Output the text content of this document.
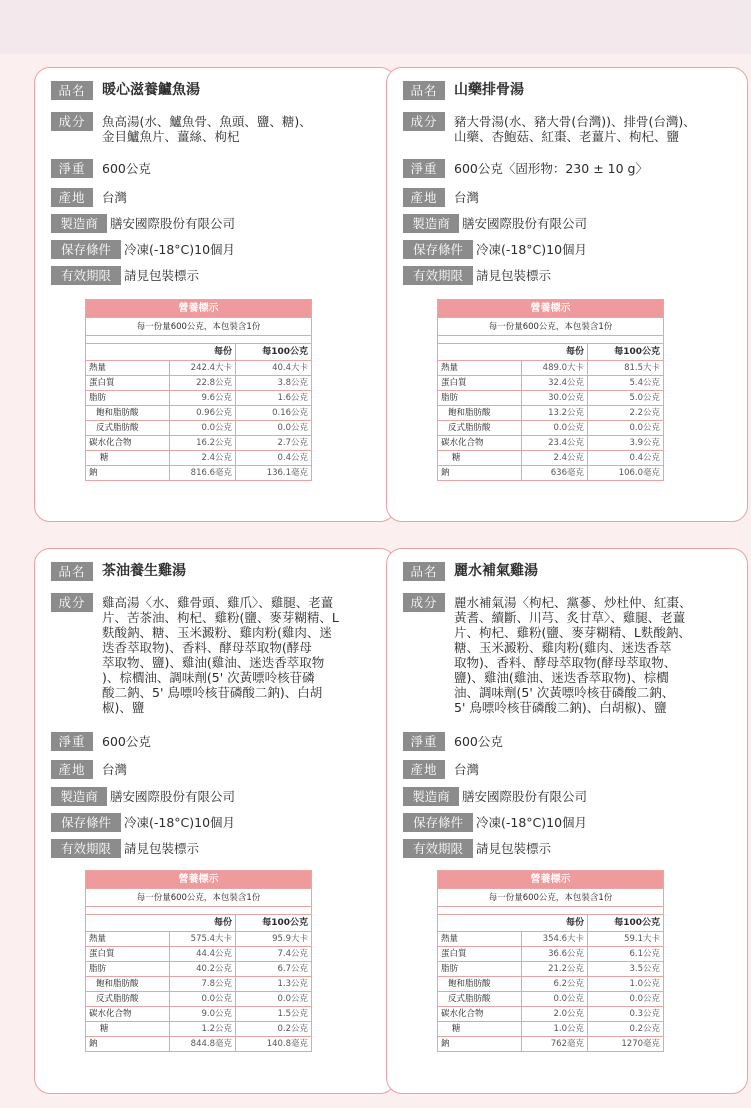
品名	暖心滋養鱸魚湯
成分	魚高湯(水、鱸魚骨、魚頭、鹽、糖)、
金目鱸魚片、薑絲、枸杞
淨重	600公克
產地	台灣
製造商 膳安國際股份有限公司
保存條件	冷凍(-18°C)10個月
有效期限	請見包裝標示
營養標示		
每一份量600公克，本包裝含1份		

	每份	每100公克
熱量	242.4大卡	40.4大卡
蛋白質	22.8公克	3.8公克
脂肪	9.6公克	1.6公克
飽和脂肪酸	0.96公克	0.16公克
反式脂肪酸	0.0公克	0.0公克
碳水化合物	16.2公克	2.7公克
糖	2.4公克	0.4公克
鈉	816.6毫克	136.1毫克
品名	山藥排骨湯
成分	豬大骨湯(水、豬大骨(台灣))、排骨(台灣)、
山藥、杏鮑菇、紅棗、老薑片、枸杞、鹽
淨重	600公克〈固形物：230 ± 10 g〉
產地	台灣
製造商 膳安國際股份有限公司
保存條件	冷凍(-18°C)10個月
有效期限	請見包裝標示
營養標示		
每一份量600公克，本包裝含1份		

	每份	每100公克
熱量	489.0大卡	81.5大卡
蛋白質	32.4公克	5.4公克
脂肪	30.0公克	5.0公克
飽和脂肪酸	13.2公克	2.2公克
反式脂肪酸	0.0公克	0.0公克
碳水化合物	23.4公克	3.9公克
糖	2.4公克	0.4公克
鈉	636毫克	106.0毫克
品名	茶油養生雞湯
成分	雞高湯〈水、雞骨頭、雞爪〉、雞腿、老薑
片、苦茶油、枸杞、雞粉(鹽、麥芽糊精、L
麩酸鈉、糖、玉米澱粉、雞肉粉(雞肉、迷
迭香萃取物)、香料、酵母萃取物(酵母
萃取物、鹽)、雞油(雞油、迷迭香萃取物
)、棕櫚油、調味劑(5' 次黃嘌呤核苷磷
酸二鈉、5' 鳥嘌呤核苷磷酸二鈉)、白胡
椒)、鹽
淨重	600公克
產地	台灣
製造商 膳安國際股份有限公司
保存條件	冷凍(-18°C)10個月
有效期限	請見包裝標示
營養標示		
每一份量600公克，本包裝含1份		

	每份	每100公克
熱量	575.4大卡	95.9大卡
蛋白質	44.4公克	7.4公克
脂肪	40.2公克	6.7公克
飽和脂肪酸	7.8公克	1.3公克
反式脂肪酸	0.0公克	0.0公克
碳水化合物	9.0公克	1.5公克
糖	1.2公克	0.2公克
鈉	844.8毫克	140.8毫克
品名	麗水補氣雞湯
成分	麗水補氣湯〈枸杞、黨蔘、炒杜仲、紅棗、
黃耆、續斷、川芎、炙甘草〉、雞腿、老薑
片、枸杞、雞粉(鹽、麥芽糊精、L麩酸鈉、
糖、玉米澱粉、雞肉粉(雞肉、迷迭香萃
取物)、香料、酵母萃取物(酵母萃取物、
鹽)、雞油(雞油、迷迭香萃取物)、棕櫚
油、調味劑(5' 次黃嘌呤核苷磷酸二鈉、
5' 鳥嘌呤核苷磷酸二鈉)、白胡椒)、鹽
淨重	600公克
產地	台灣
製造商 膳安國際股份有限公司
保存條件	冷凍(-18°C)10個月
有效期限	請見包裝標示
營養標示		
每一份量600公克，本包裝含1份		

	每份	每100公克
熱量	354.6大卡	59.1大卡
蛋白質	36.6公克	6.1公克
脂肪	21.2公克	3.5公克
飽和脂肪酸	6.2公克	1.0公克
反式脂肪酸	0.0公克	0.0公克
碳水化合物	2.0公克	0.3公克
糖	1.0公克	0.2公克
鈉	762毫克	1270毫克
